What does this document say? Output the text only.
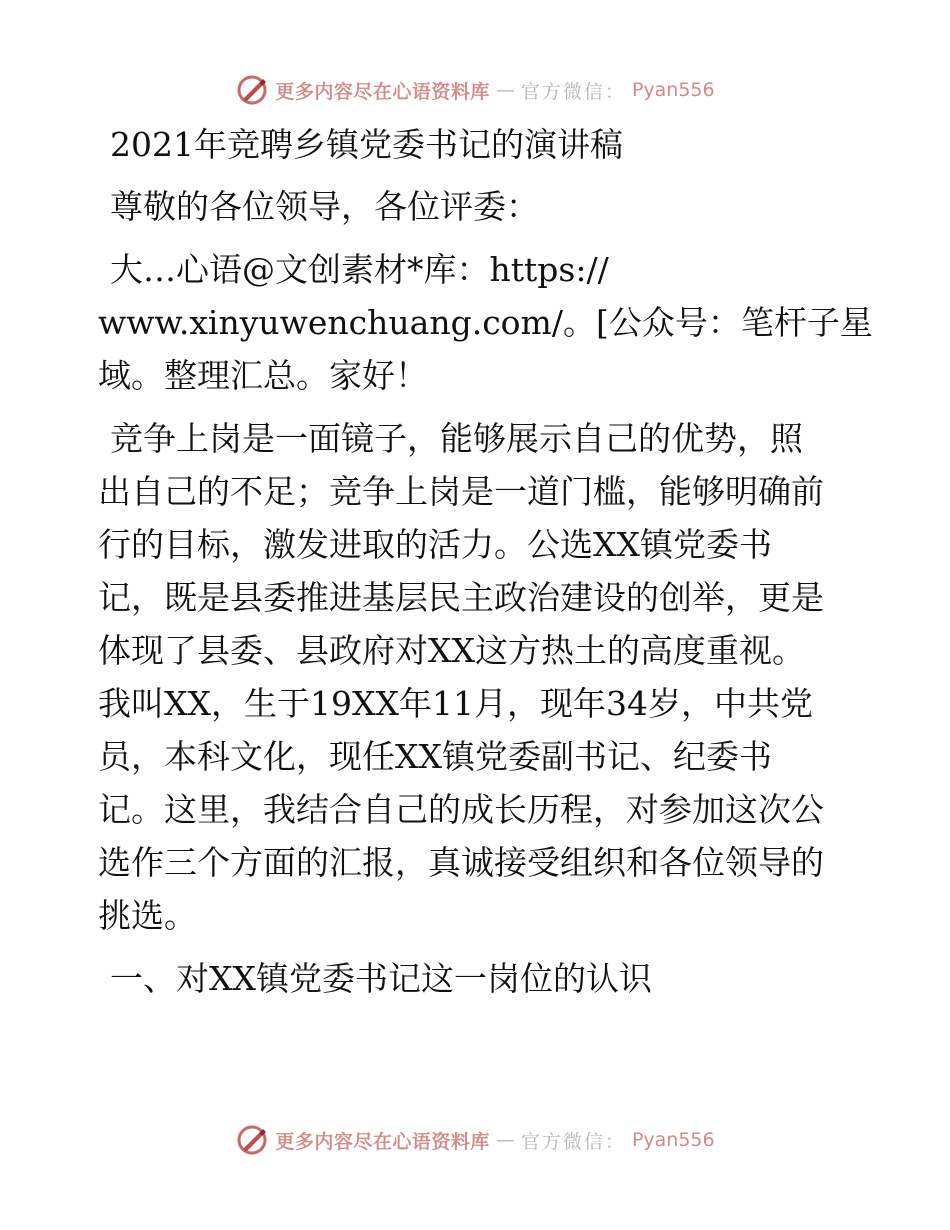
更多内容尽在心语资料库 — 官方微信： Pyan556

2021年竞聘乡镇党委书记的演讲稿

尊敬的各位领导，各位评委：

大…心语@文创素材*库：https://
www.xinyuwenchuang.com/。[公众号：笔杆子星
域。整理汇总。家好！

竞争上岗是一面镜子，能够展示自己的优势，照
出自己的不足；竞争上岗是一道门槛，能够明确前
行的目标，激发进取的活力。公选XX镇党委书
记，既是县委推进基层民主政治建设的创举，更是
体现了县委、县政府对XX这方热土的高度重视。
我叫XX，生于19XX年11月，现年34岁，中共党
员，本科文化，现任XX镇党委副书记、纪委书
记。这里，我结合自己的成长历程，对参加这次公
选作三个方面的汇报，真诚接受组织和各位领导的
挑选。

一、对XX镇党委书记这一岗位的认识

更多内容尽在心语资料库 — 官方微信： Pyan556
